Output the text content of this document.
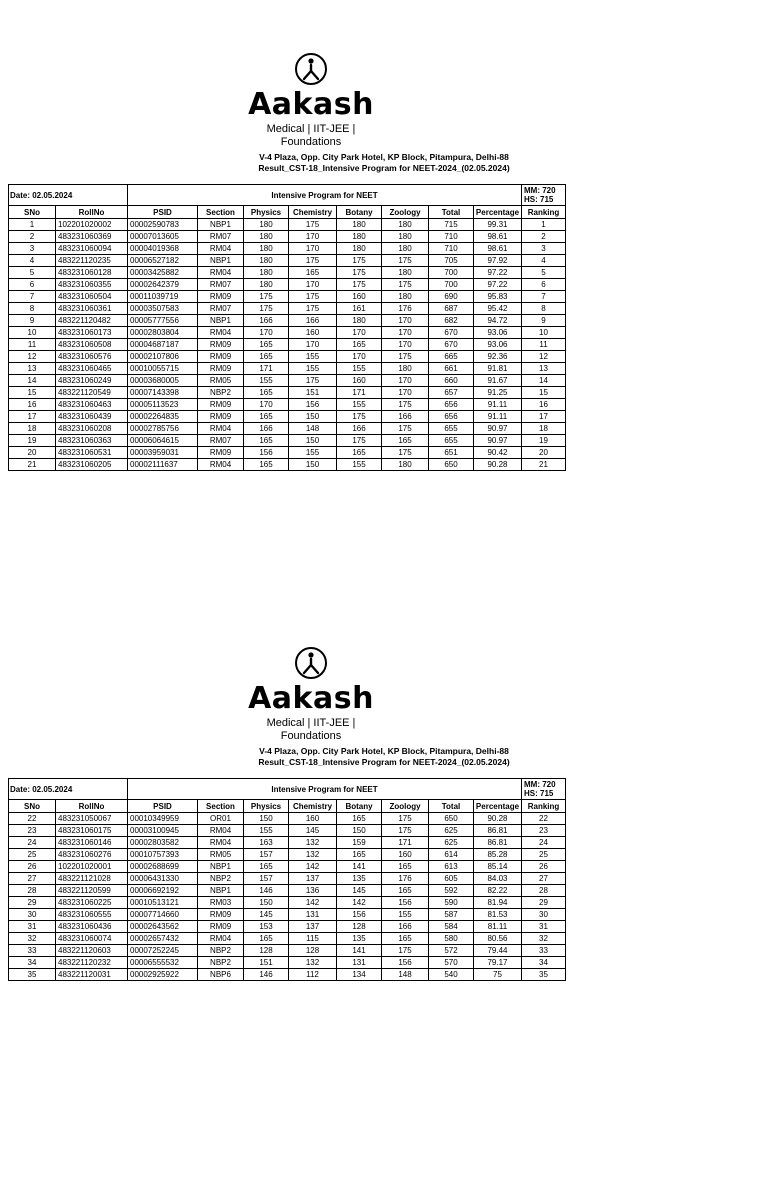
Aakash
Medical | IIT-JEE | Foundations
V-4 Plaza, Opp. City Park Hotel, KP Block, Pitampura, Delhi-88
Result_CST-18_Intensive Program for NEET-2024_(02.05.2024)
Date: 02.05.2024		Intensive Program for NEET								MM: 720
HS: 715

SNo	RollNo	PSID	Section	Physics	Chemistry	Botany	Zoology	Total	Percentage	Ranking
1	102201020002	00002590783	NBP1	180	175	180	180	715	99.31	1
2	483231060369	00007013605	RM07	180	170	180	180	710	98.61	2
3	483231060094	00004019368	RM04	180	170	180	180	710	98.61	3
4	483221120235	00006527182	NBP1	180	175	175	175	705	97.92	4
5	483231060128	00003425882	RM04	180	165	175	180	700	97.22	5
6	483231060355	00002642379	RM07	180	170	175	175	700	97.22	6
7	483231060504	00011039719	RM09	175	175	160	180	690	95.83	7
8	483231060361	00003507583	RM07	175	175	161	176	687	95.42	8
9	483221120482	00005777556	NBP1	166	166	180	170	682	94.72	9
10	483231060173	00002803804	RM04	170	160	170	170	670	93.06	10
11	483231060508	00004687187	RM09	165	170	165	170	670	93.06	11
12	483231060576	00002107806	RM09	165	155	170	175	665	92.36	12
13	483231060465	00010055715	RM09	171	155	155	180	661	91.81	13
14	483231060249	00003680005	RM05	155	175	160	170	660	91.67	14
15	483221120549	00007143398	NBP2	165	151	171	170	657	91.25	15
16	483231060463	00005113523	RM09	170	156	155	175	656	91.11	16
17	483231060439	00002264835	RM09	165	150	175	166	656	91.11	17
18	483231060208	00002785756	RM04	166	148	166	175	655	90.97	18
19	483231060363	00006064615	RM07	165	150	175	165	655	90.97	19
20	483231060531	00003959031	RM09	156	155	165	175	651	90.42	20
21	483231060205	00002111637	RM04	165	150	155	180	650	90.28	21
Aakash
Medical | IIT-JEE | Foundations
V-4 Plaza, Opp. City Park Hotel, KP Block, Pitampura, Delhi-88
Result_CST-18_Intensive Program for NEET-2024_(02.05.2024)
Date: 02.05.2024		Intensive Program for NEET								MM: 720
HS: 715

SNo	RollNo	PSID	Section	Physics	Chemistry	Botany	Zoology	Total	Percentage	Ranking
22	483231050067	00010349959	OR01	150	160	165	175	650	90.28	22
23	483231060175	00003100945	RM04	155	145	150	175	625	86.81	23
24	483231060146	00002803582	RM04	163	132	159	171	625	86.81	24
25	483231060276	00010757393	RM05	157	132	165	160	614	85.28	25
26	102201020001	00002688699	NBP1	165	142	141	165	613	85.14	26
27	483221121028	00006431330	NBP2	157	137	135	176	605	84.03	27
28	483221120599	00006692192	NBP1	146	136	145	165	592	82.22	28
29	483231060225	00010513121	RM03	150	142	142	156	590	81.94	29
30	483231060555	00007714660	RM09	145	131	156	155	587	81.53	30
31	483231060436	00002643562	RM09	153	137	128	166	584	81.11	31
32	483231060074	00002657432	RM04	165	115	135	165	580	80.56	32
33	483221120603	00007252245	NBP2	128	128	141	175	572	79.44	33
34	483221120232	00006555532	NBP2	151	132	131	156	570	79.17	34
35	483221120031	00002925922	NBP6	146	112	134	148	540	75	35
